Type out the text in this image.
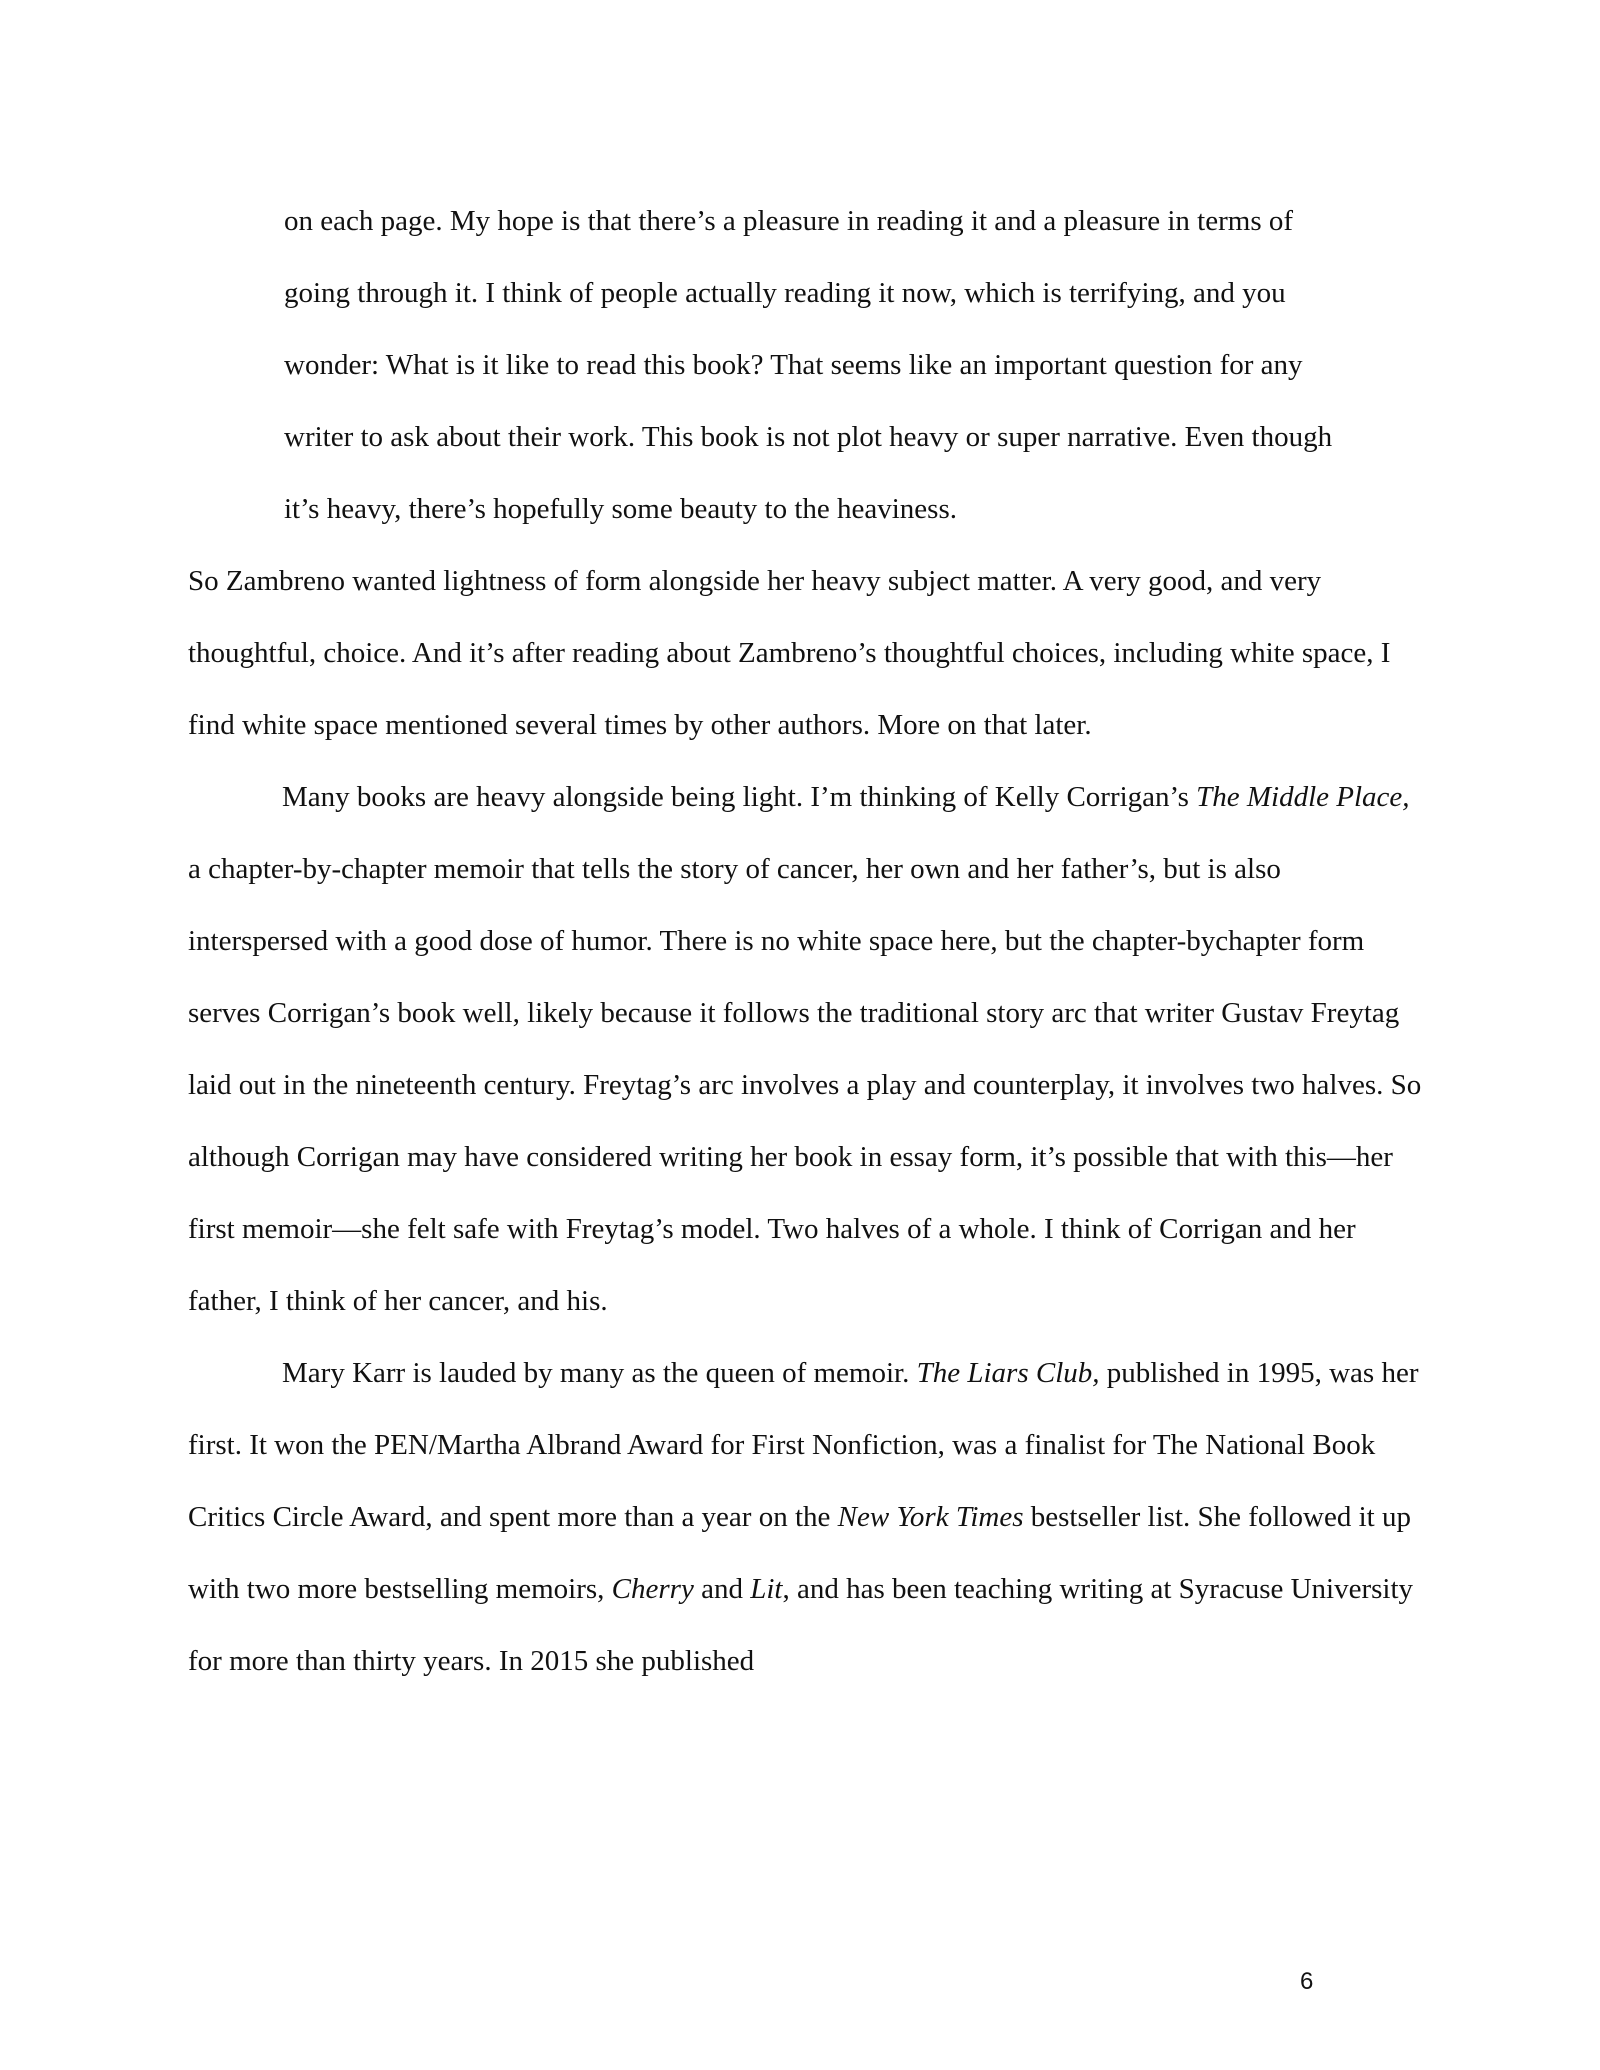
on each page. My hope is that there’s a pleasure in reading it and a pleasure in terms of going through it. I think of people actually reading it now, which is terrifying, and you wonder: What is it like to read this book? That seems like an important question for any writer to ask about their work. This book is not plot heavy or super narrative. Even though it’s heavy, there’s hopefully some beauty to the heaviness.

So Zambreno wanted lightness of form alongside her heavy subject matter. A very good, and very thoughtful, choice. And it’s after reading about Zambreno’s thoughtful choices, including white space, I find white space mentioned several times by other authors. More on that later.

Many books are heavy alongside being light. I’m thinking of Kelly Corrigan’s The Middle Place, a chapter-by-chapter memoir that tells the story of cancer, her own and her father’s, but is also interspersed with a good dose of humor. There is no white space here, but the chapter-bychapter form serves Corrigan’s book well, likely because it follows the traditional story arc that writer Gustav Freytag laid out in the nineteenth century. Freytag’s arc involves a play and counterplay, it involves two halves. So although Corrigan may have considered writing her book in essay form, it’s possible that with this—her first memoir—she felt safe with Freytag’s model. Two halves of a whole. I think of Corrigan and her father, I think of her cancer, and his.

Mary Karr is lauded by many as the queen of memoir. The Liars Club, published in 1995, was her first. It won the PEN/Martha Albrand Award for First Nonfiction, was a finalist for The National Book Critics Circle Award, and spent more than a year on the New York Times bestseller list. She followed it up with two more bestselling memoirs, Cherry and Lit, and has been teaching writing at Syracuse University for more than thirty years. In 2015 she published

6
